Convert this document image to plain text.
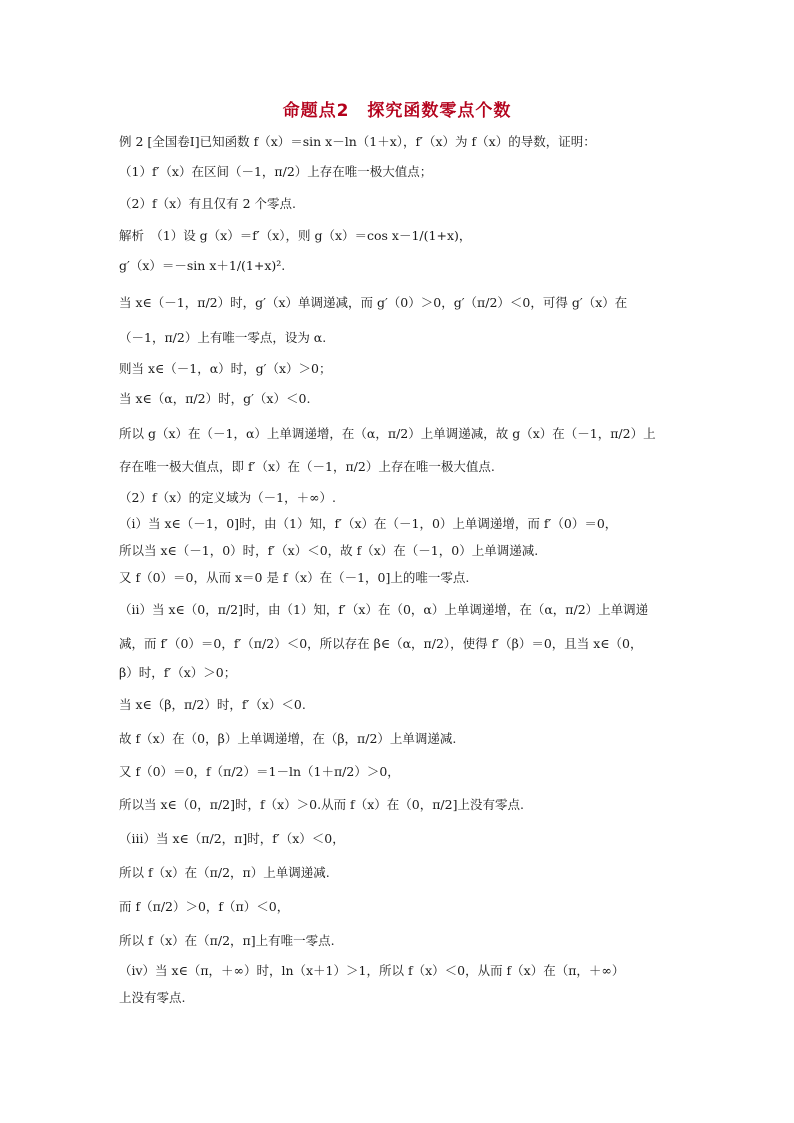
命题点2　探究函数零点个数
例 2 [全国卷Ⅰ]已知函数 f（x）＝sin x－ln（1＋x），f′（x）为 f（x）的导数，证明：
（1）f′（x）在区间（－1，π/2）上存在唯一极大值点；
（2）f（x）有且仅有 2 个零点.
解析　（1）设 g（x）＝f′（x），则 g（x）＝cos x－1/(1+x)，
g′（x）＝－sin x＋1/(1+x)².
当 x∈（－1，π/2）时，g′（x）单调递减，而 g′（0）＞0，g′（π/2）＜0，可得 g′（x）在
（－1，π/2）上有唯一零点，设为 α.
则当 x∈（－1，α）时，g′（x）＞0；
当 x∈（α，π/2）时，g′（x）＜0.
所以 g（x）在（－1，α）上单调递增，在（α，π/2）上单调递减，故 g（x）在（－1，π/2）上
存在唯一极大值点，即 f′（x）在（－1，π/2）上存在唯一极大值点.
（2）f（x）的定义域为（－1，＋∞）.
（i）当 x∈（－1，0]时，由（1）知，f′（x）在（－1，0）上单调递增，而 f′（0）＝0，
所以当 x∈（－1，0）时，f′（x）＜0，故 f（x）在（－1，0）上单调递减.
又 f（0）＝0，从而 x＝0 是 f（x）在（－1，0]上的唯一零点.
（ii）当 x∈（0，π/2]时，由（1）知，f′（x）在（0，α）上单调递增，在（α，π/2）上单调递
减，而 f′（0）＝0，f′（π/2）＜0，所以存在 β∈（α，π/2），使得 f′（β）＝0，且当 x∈（0，
β）时，f′（x）＞0；
当 x∈（β，π/2）时，f′（x）＜0.
故 f（x）在（0，β）上单调递增，在（β，π/2）上单调递减.
又 f（0）＝0，f（π/2）＝1－ln（1＋π/2）＞0，
所以当 x∈（0，π/2]时，f（x）＞0.从而 f（x）在（0，π/2]上没有零点.
（iii）当 x∈（π/2，π]时，f′（x）＜0，
所以 f（x）在（π/2，π）上单调递减.
而 f（π/2）＞0，f（π）＜0，
所以 f（x）在（π/2，π]上有唯一零点.
（iv）当 x∈（π，＋∞）时，ln（x＋1）＞1，所以 f（x）＜0，从而 f（x）在（π，＋∞）
上没有零点.
